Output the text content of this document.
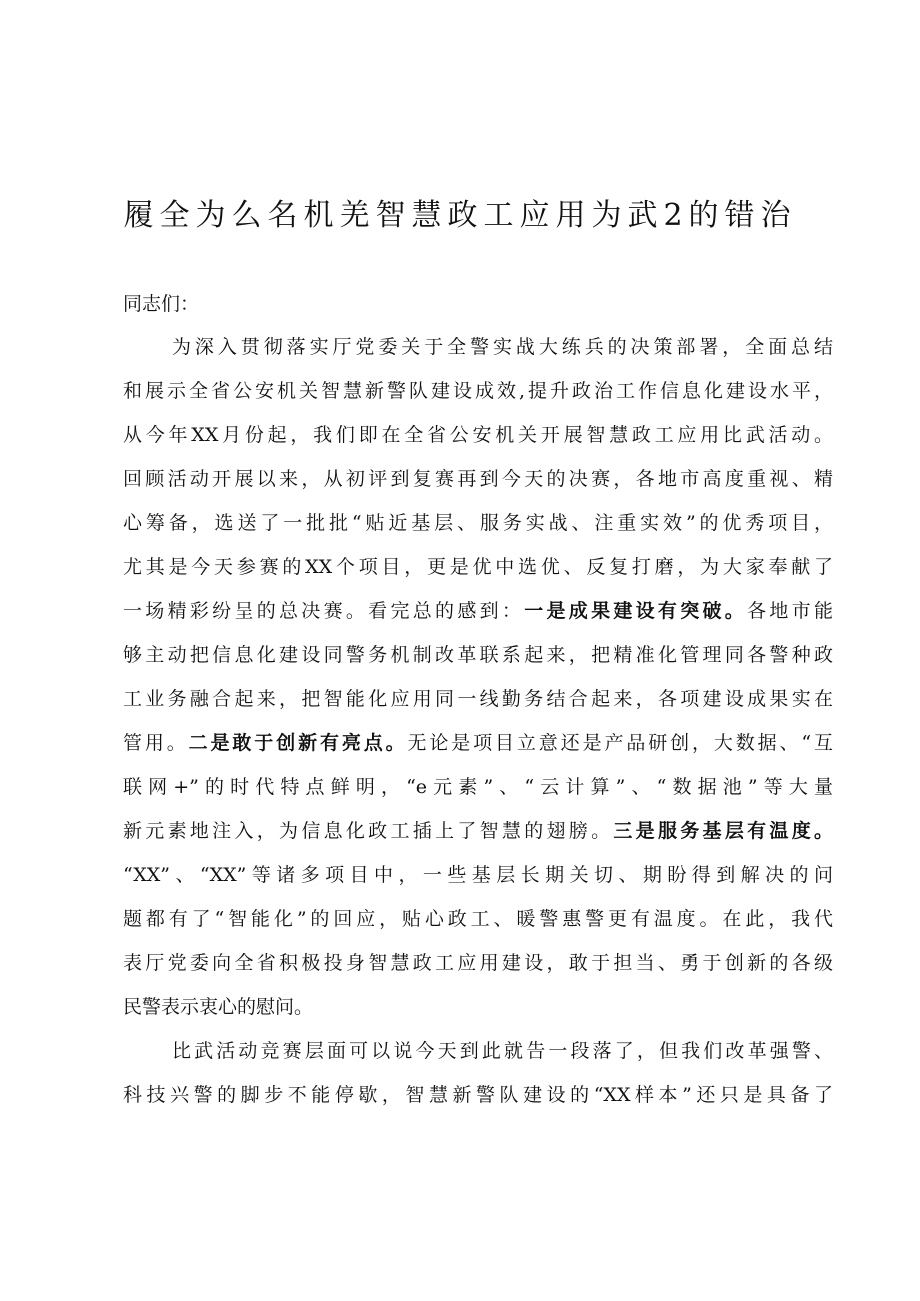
履全为么名机羌智慧政工应用为武2的错治
同志们：
为深入贯彻落实厅党委关于全警实战大练兵的决策部署，全面总结
和展示全省公安机关智慧新警队建设成效,提升政治工作信息化建设水平，
从今年XX月份起，我们即在全省公安机关开展智慧政工应用比武活动。
回顾活动开展以来，从初评到复赛再到今天的决赛，各地市高度重视、精
心筹备，选送了一批批“贴近基层、服务实战、注重实效”的优秀项目，
尤其是今天参赛的XX个项目，更是优中选优、反复打磨，为大家奉献了
一场精彩纷呈的总决赛。看完总的感到：一是成果建设有突破。各地市能
够主动把信息化建设同警务机制改革联系起来，把精准化管理同各警种政
工业务融合起来，把智能化应用同一线勤务结合起来，各项建设成果实在
管用。二是敢于创新有亮点。无论是项目立意还是产品研创，大数据、“互
联网+”的时代特点鲜明，“e元素”、“云计算”、“数据池”等大量
新元素地注入，为信息化政工插上了智慧的翅膀。三是服务基层有温度。
“XX”、“XX”等诸多项目中，一些基层长期关切、期盼得到解决的问
题都有了“智能化”的回应，贴心政工、暖警惠警更有温度。在此，我代
表厅党委向全省积极投身智慧政工应用建设，敢于担当、勇于创新的各级
民警表示衷心的慰问。
比武活动竞赛层面可以说今天到此就告一段落了，但我们改革强警、
科技兴警的脚步不能停歇，智慧新警队建设的“XX样本”还只是具备了
